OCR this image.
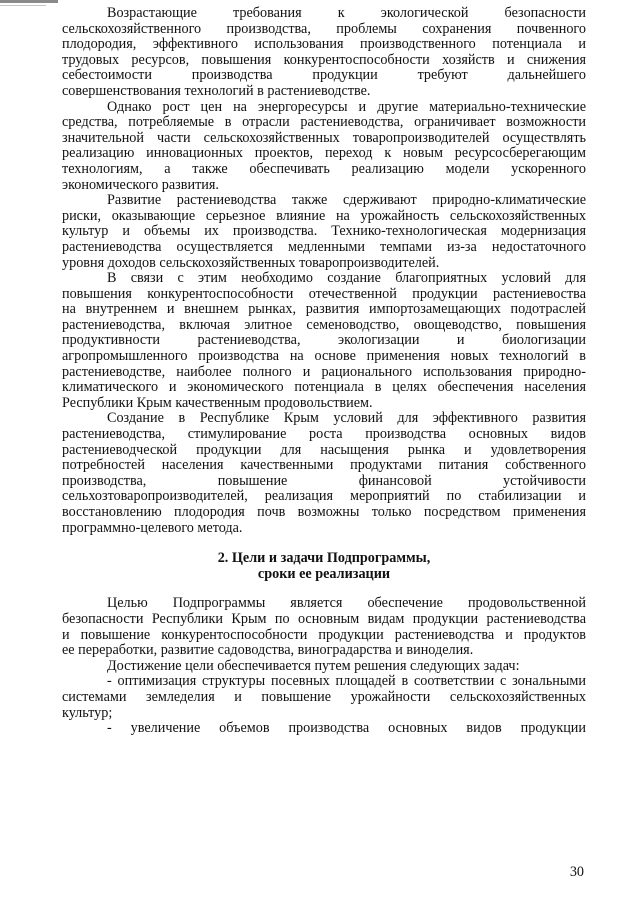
Возрастающие требования к экологической безопасности
сельскохозяйственного производства, проблемы сохранения почвенного
плодородия, эффективного использования производственного потенциала и
трудовых ресурсов, повышения конкурентоспособности хозяйств и снижения
себестоимости производства продукции требуют дальнейшего
совершенствования технологий в растениеводстве.
Однако рост цен на энергоресурсы и другие материально-технические
средства, потребляемые в отрасли растениеводства, ограничивает возможности
значительной части сельскохозяйственных товаропроизводителей осуществлять
реализацию инновационных проектов, переход к новым ресурсосберегающим
технологиям, а также обеспечивать реализацию модели ускоренного
экономического развития.
Развитие растениеводства также сдерживают природно-климатические
риски, оказывающие серьезное влияние на урожайность сельскохозяйственных
культур и объемы их производства. Технико-технологическая модернизация
растениеводства осуществляется медленными темпами из-за недостаточного
уровня доходов сельскохозяйственных товаропроизводителей.
В связи с этим необходимо создание благоприятных условий для
повышения конкурентоспособности отечественной продукции растениевоства
на внутреннем и внешнем рынках, развития импортозамещающих подотраслей
растениеводства, включая элитное семеноводство, овощеводство, повышения
продуктивности растениеводства, экологизации и биологизации
агропромышленного производства на основе применения новых технологий в
растениеводстве, наиболее полного и рационального использования природно-
климатического и экономического потенциала в целях обеспечения населения
Республики Крым качественным продовольствием.
Создание в Республике Крым условий для эффективного развития
растениеводства, стимулирование роста производства основных видов
растениеводческой продукции для насыщения рынка и удовлетворения
потребностей населения качественными продуктами питания собственного
производства, повышение финансовой устойчивости
сельхозтоваропроизводителей, реализация мероприятий по стабилизации и
восстановлению плодородия почв возможны только посредством применения
программно-целевого метода.
2. Цели и задачи Подпрограммы,
сроки ее реализации
Целью Подпрограммы является обеспечение продовольственной
безопасности Республики Крым по основным видам продукции растениеводства
и повышение конкурентоспособности продукции растениеводства и продуктов
ее переработки, развитие садоводства, виноградарства и виноделия.
Достижение цели обеспечивается путем решения следующих задач:
- оптимизация структуры посевных площадей в соответствии с зональными
системами земледелия и повышение урожайности сельскохозяйственных
культур;
- увеличение объемов производства основных видов продукции
30
